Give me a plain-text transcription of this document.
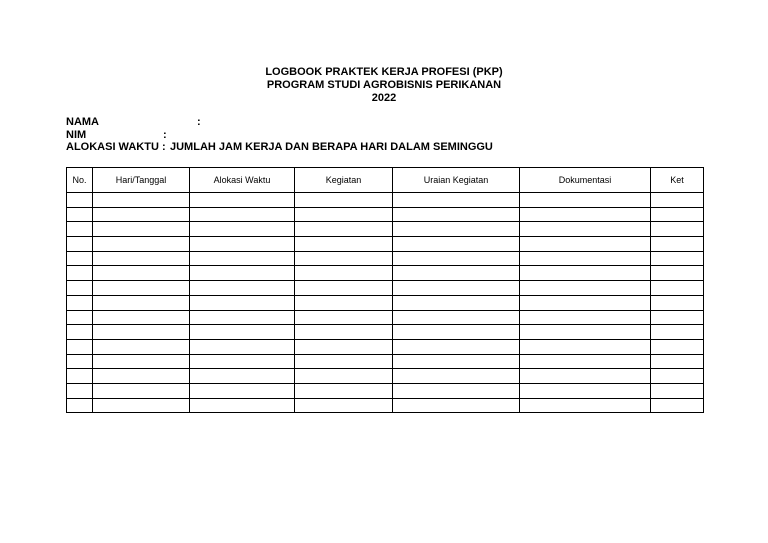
LOGBOOK PRAKTEK KERJA PROFESI (PKP)
PROGRAM STUDI AGROBISNIS PERIKANAN
2022
NAMA	:
NIM	:
ALOKASI WAKTU : JUMLAH JAM KERJA DAN BERAPA HARI DALAM SEMINGGU
No.	Hari/Tanggal	Alokasi Waktu	Kegiatan	Uraian Kegiatan	Dokumentasi	Ket
